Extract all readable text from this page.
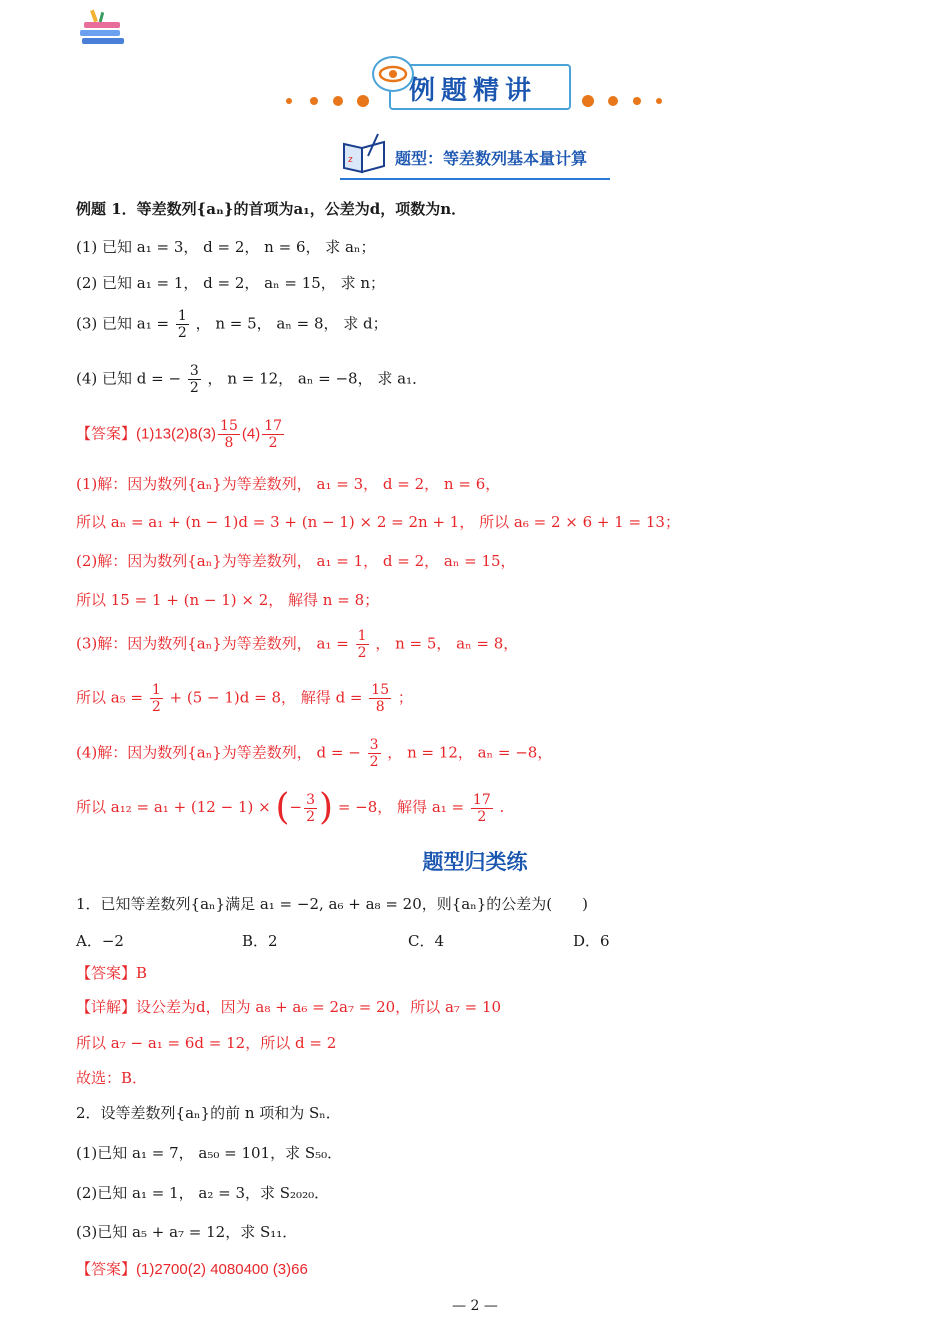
例题精讲
z	题型：等差数列基本量计算
例题 1．等差数列{aₙ}的首项为a₁，公差为d，项数为n．
(1) 已知 a₁ = 3， d = 2， n = 6， 求 aₙ；
(2) 已知 a₁ = 1， d = 2， aₙ = 15， 求 n；
(3) 已知 $a_1 = \frac{1}{2}$ ， n = 5， aₙ = 8， 求 d；
(4) 已知 d = − $\frac{3}{2}$ ， n = 12， aₙ = −8， 求 a₁．
【答案】$(1)13(2)8(3) \frac{15}{8} (4) \frac{17}{2}$
(1)解：因为数列{aₙ}为等差数列， a₁ = 3， d = 2， n = 6，
所以 aₙ = a₁ + (n − 1)d = 3 + (n − 1) × 2 = 2n + 1， 所以 a₆ = 2 × 6 + 1 = 13；
(2)解：因为数列{aₙ}为等差数列， a₁ = 1， d = 2， aₙ = 15，
所以 15 = 1 + (n − 1) × 2， 解得 n = 8；
(3)解：因为数列{aₙ}为等差数列， $a_1 = \frac{1}{2}$ ， n = 5， aₙ = 8，
所以 $a_5 = \frac{1}{2} + (5 - 1)d = 8$， 解得 $d = \frac{15}{8}$ ；
(4)解：因为数列{aₙ}为等差数列， d = − $\frac{3}{2}$ ， n = 12， aₙ = −8，
所以 a₁₂ = a₁ + (12 − 1) × (− $\frac{3}{2}$ ) = −8， 解得 $a_1 = \frac{17}{2}$ .
题型归类练
1．已知等差数列{aₙ}满足 a₁ = −2, a₆ + a₈ = 20，则{aₙ}的公差为(　　)
A．−2	B．2	C．4	D．6
【答案】B
【详解】设公差为d，因为 a₈ + a₆ = 2a₇ = 20，所以 a₇ = 10
所以 a₇ − a₁ = 6d = 12，所以 d = 2
故选：B．
2．设等差数列{aₙ}的前 n 项和为 Sₙ．
(1)已知 a₁ = 7， a₅₀ = 101，求 S₅₀．
(2)已知 a₁ = 1， a₂ = 3，求 S₂₀₂₀．
(3)已知 a₅ + a₇ = 12，求 S₁₁．
【答案】(1)2700(2) 4080400 (3)66
— 2 —
